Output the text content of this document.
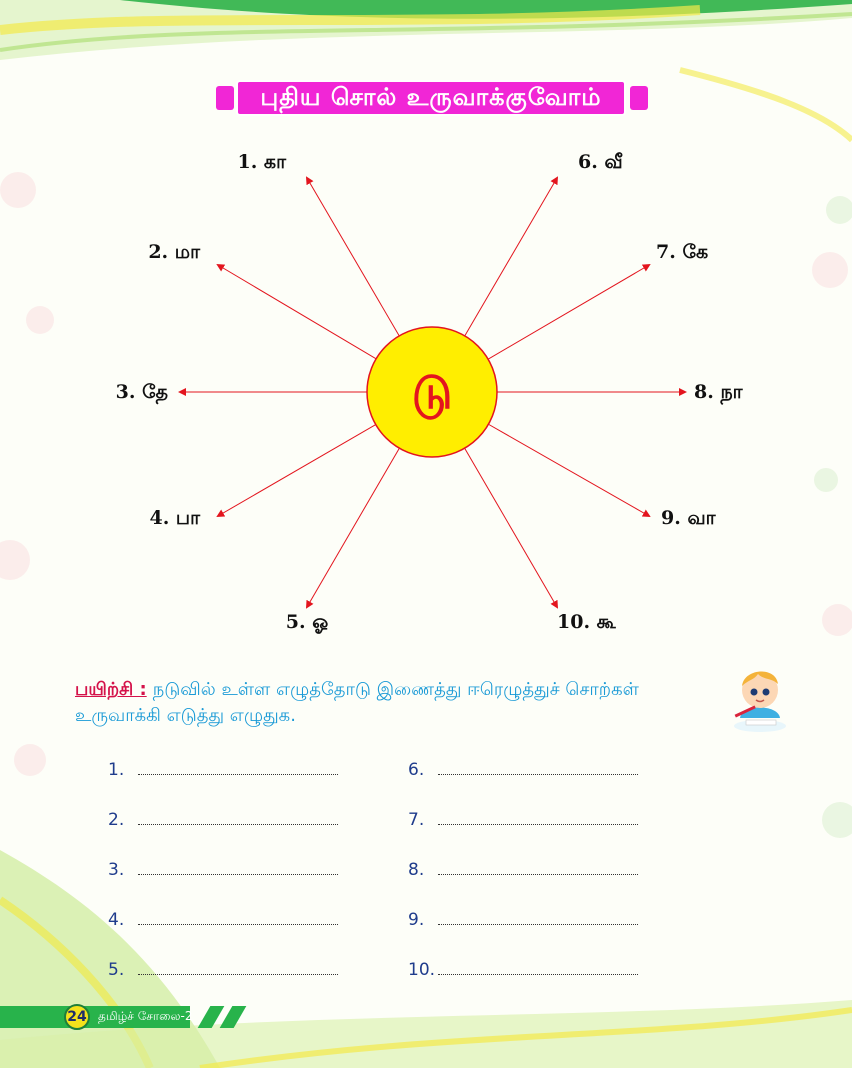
புதிய சொல் உருவாக்குவோம்
டு
1. கா
2. மா
3. தே
4. பா
5. ஓ
6. வீ
7. கே
8. நா
9. வா
10. கூ
பயிற்சி : நடுவில் உள்ள எழுத்தோடு இணைத்து ஈரெழுத்துச் சொற்கள் உருவாக்கி எடுத்து எழுதுக.
1.
2.
3.
4.
5.
6.
7.
8.
9.
10.
24 தமிழ்ச் சோலை-2
